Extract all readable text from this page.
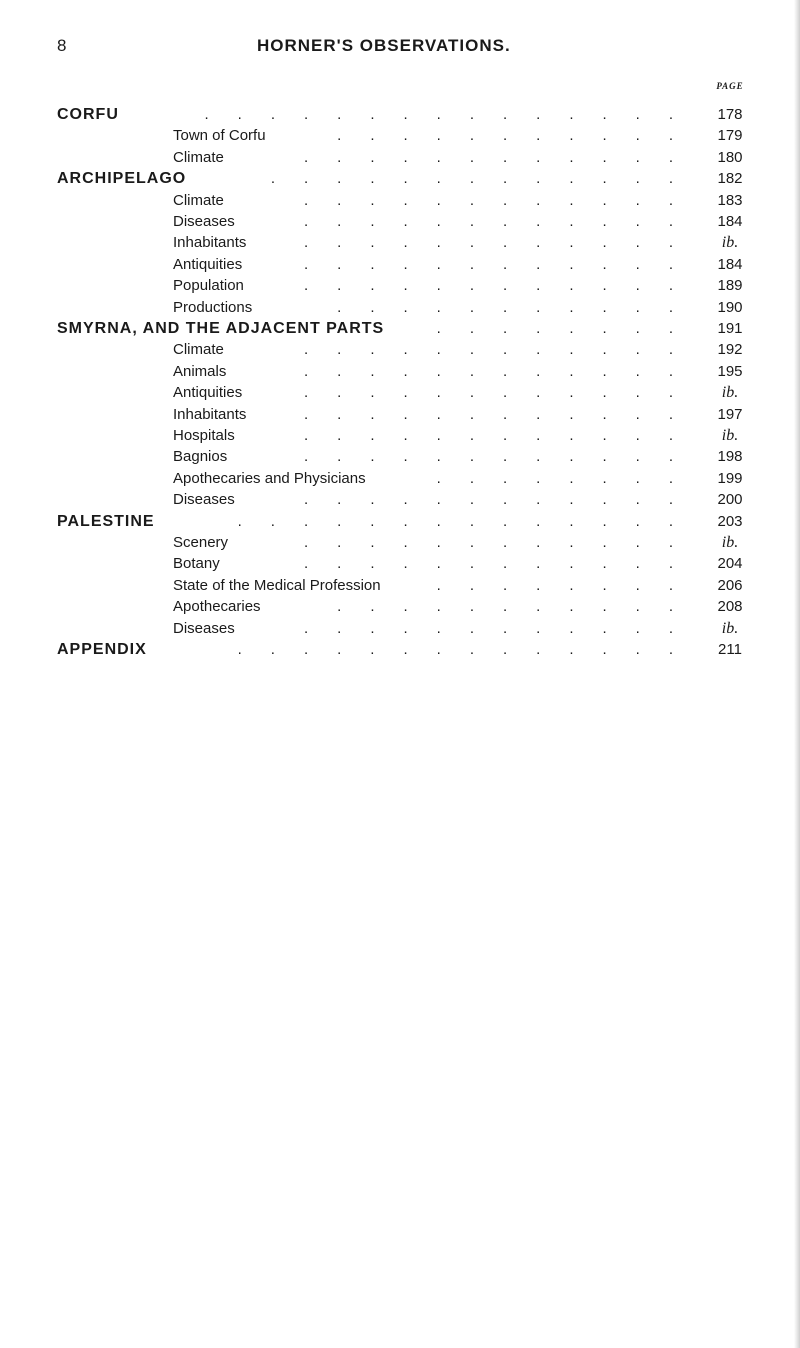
8	HORNER'S OBSERVATIONS.
PAGE
CORFU	...............	178
Town of Corfu	...........	179
Climate	............	180
ARCHIPELAGO	.............	182
Climate	............	183
Diseases	............	184
Inhabitants	............	ib.
Antiquities	............	184
Population	............	189
Productions	...........	190
SMYRNA, AND THE ADJACENT PARTS	........	191
Climate	............	192
Animals	............	195
Antiquities	............	ib.
Inhabitants	............	197
Hospitals	............	ib.
Bagnios	............	198
Apothecaries and Physicians	........	199
Diseases	............	200
PALESTINE	..............	203
Scenery	............	ib.
Botany	............	204
State of the Medical Profession	........	206
Apothecaries	...........	208
Diseases	............	ib.
APPENDIX	..............	211
